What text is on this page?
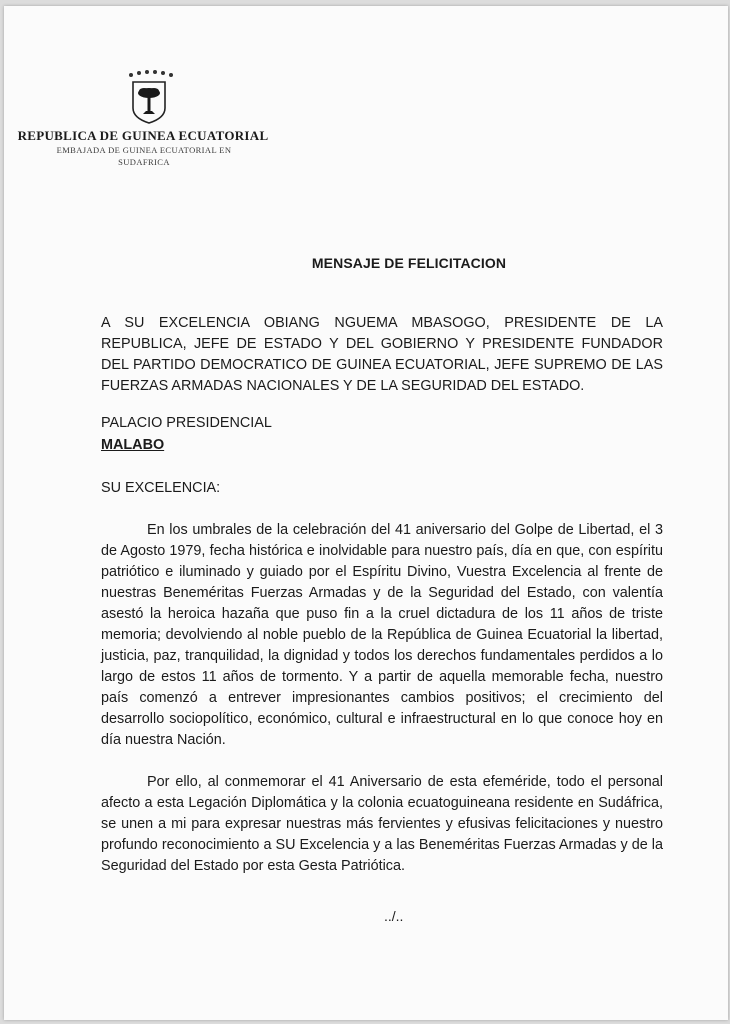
REPUBLICA DE GUINEA ECUATORIAL
EMBAJADA DE GUINEA ECUATORIAL EN
SUDAFRICA
MENSAJE DE FELICITACION
A SU EXCELENCIA OBIANG NGUEMA MBASOGO, PRESIDENTE DE LA REPUBLICA, JEFE DE ESTADO Y DEL GOBIERNO Y PRESIDENTE FUNDADOR DEL PARTIDO DEMOCRATICO DE GUINEA ECUATORIAL, JEFE SUPREMO DE LAS FUERZAS ARMADAS NACIONALES Y DE LA SEGURIDAD DEL ESTADO.
PALACIO PRESIDENCIAL
MALABO
SU EXCELENCIA:
En los umbrales de la celebración del 41 aniversario del Golpe de Libertad, el 3 de Agosto 1979, fecha histórica e inolvidable para nuestro país, día en que, con espíritu patriótico e iluminado y guiado por el Espíritu Divino, Vuestra Excelencia al frente de nuestras Beneméritas Fuerzas Armadas y de la Seguridad del Estado, con valentía asestó la heroica hazaña que puso fin a la cruel dictadura de los 11 años de triste memoria; devolviendo al noble pueblo de la República de Guinea Ecuatorial la libertad, justicia, paz, tranquilidad, la dignidad y todos los derechos fundamentales perdidos a lo largo de estos 11 años de tormento. Y a partir de aquella memorable fecha, nuestro país comenzó a entrever impresionantes cambios positivos; el crecimiento del desarrollo sociopolítico, económico, cultural e infraestructural en lo que conoce hoy en día nuestra Nación.
Por ello, al conmemorar el 41 Aniversario de esta efeméride, todo el personal afecto a esta Legación Diplomática y la colonia ecuatoguineana residente en Sudáfrica, se unen a mi para expresar nuestras más fervientes y efusivas felicitaciones y nuestro profundo reconocimiento a SU Excelencia y a las Beneméritas Fuerzas Armadas y de la Seguridad del Estado por esta Gesta Patriótica.
../..
